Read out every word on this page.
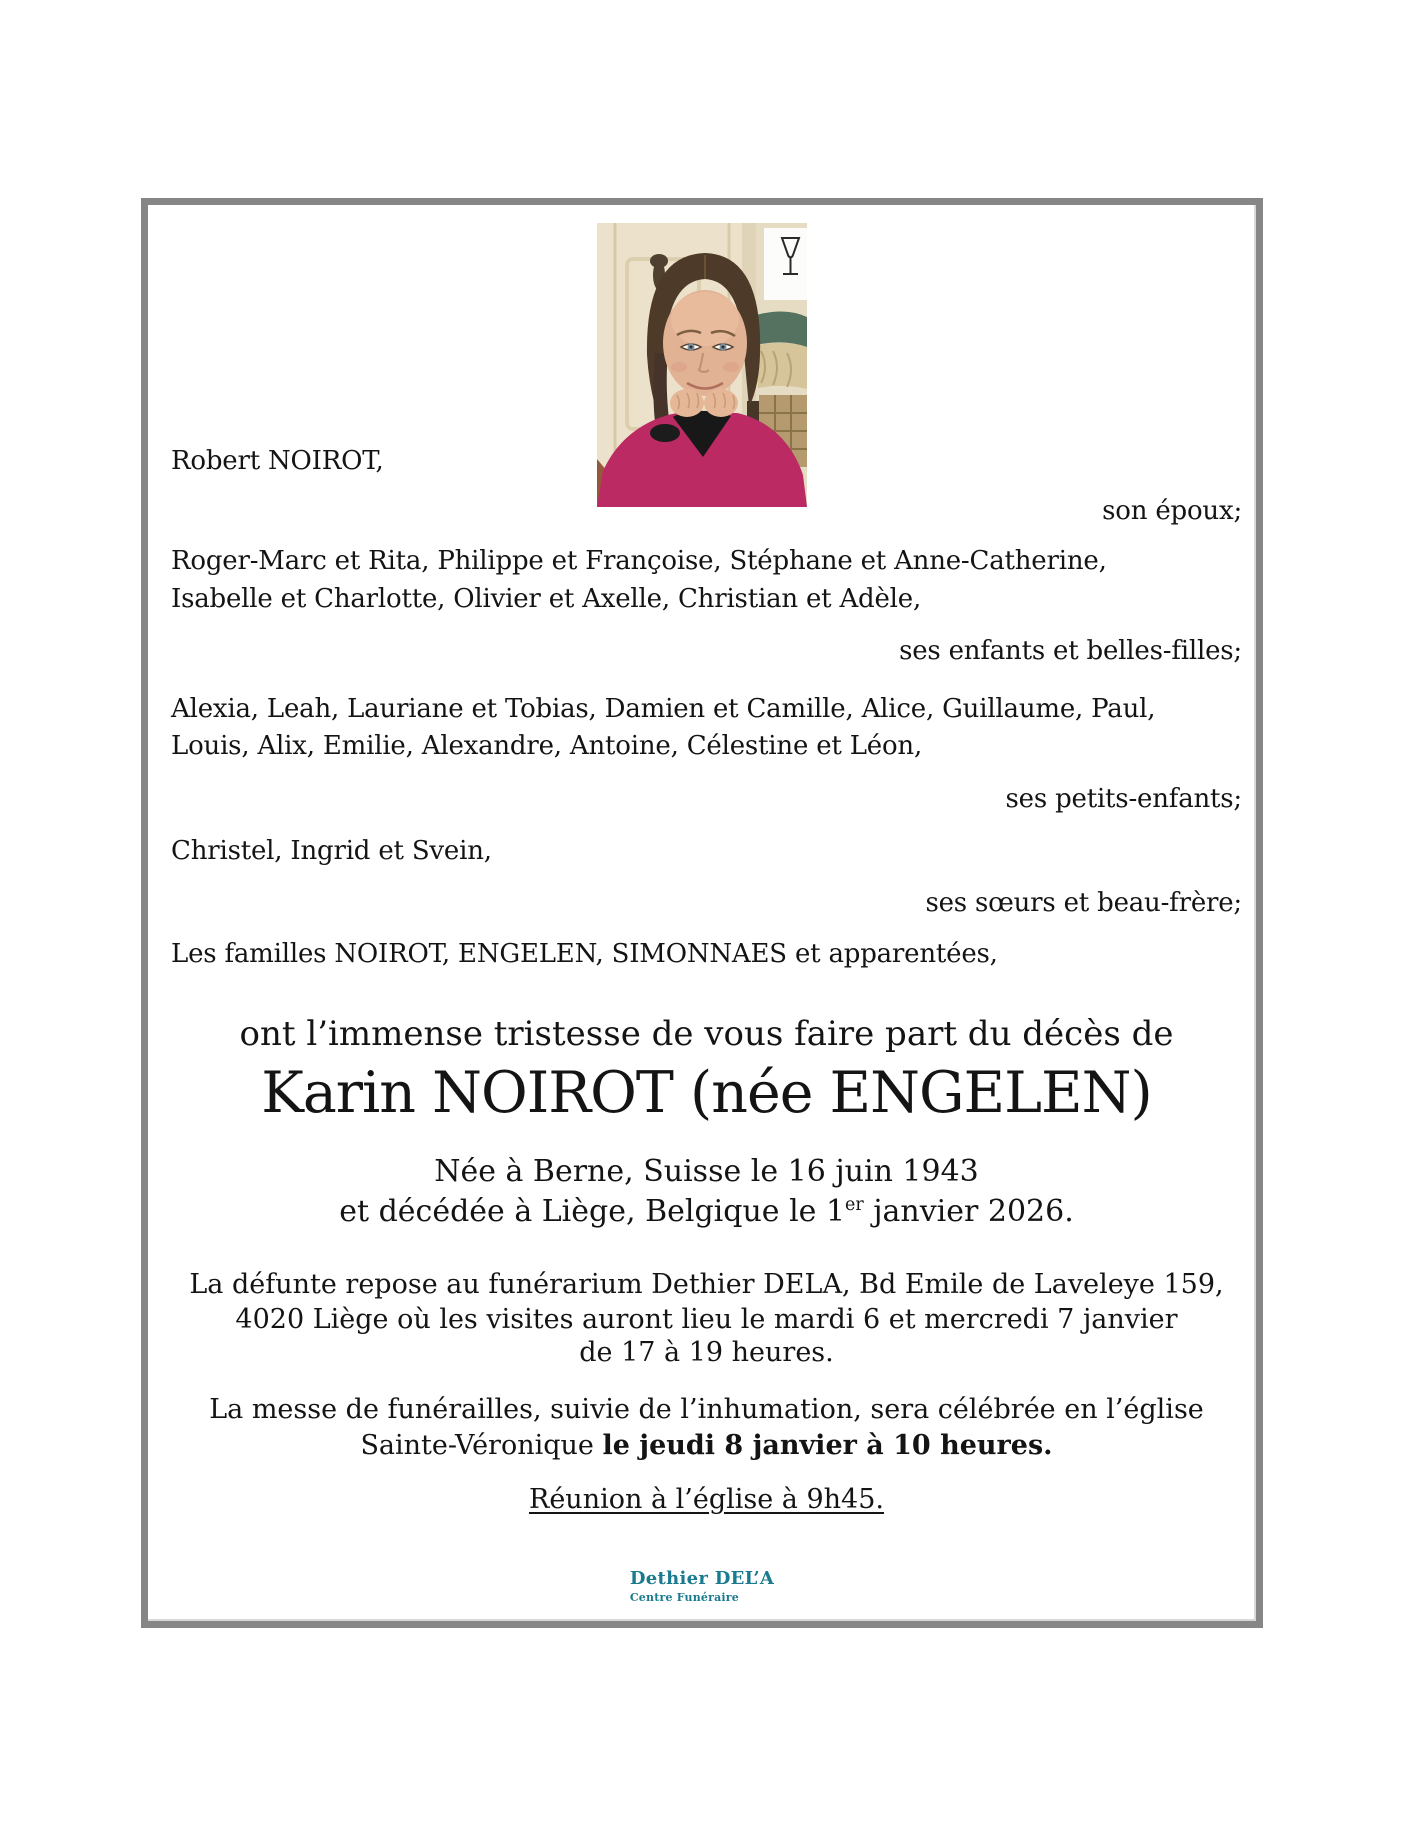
Robert NOIROT,
son époux;
Roger-Marc et Rita, Philippe et Françoise, Stéphane et Anne-Catherine,
Isabelle et Charlotte, Olivier et Axelle, Christian et Adèle,
ses enfants et belles-filles;
Alexia, Leah, Lauriane et Tobias, Damien et Camille, Alice, Guillaume, Paul,
Louis, Alix, Emilie, Alexandre, Antoine, Célestine et Léon,
ses petits-enfants;
Christel, Ingrid et Svein,
ses sœurs et beau-frère;
Les familles NOIROT, ENGELEN, SIMONNAES et apparentées,
ont l’immense tristesse de vous faire part du décès de
Karin NOIROT (née ENGELEN)
Née à Berne, Suisse le 16 juin 1943
et décédée à Liège, Belgique le 1er janvier 2026.
La défunte repose au funérarium Dethier DELA, Bd Emile de Laveleye 159,
4020 Liège où les visites auront lieu le mardi 6 et mercredi 7 janvier
de 17 à 19 heures.
La messe de funérailles, suivie de l’inhumation, sera célébrée en l’église
Sainte-Véronique le jeudi 8 janvier à 10 heures.
Réunion à l’église à 9h45.
Dethier DEL’A
Centre Funéraire
